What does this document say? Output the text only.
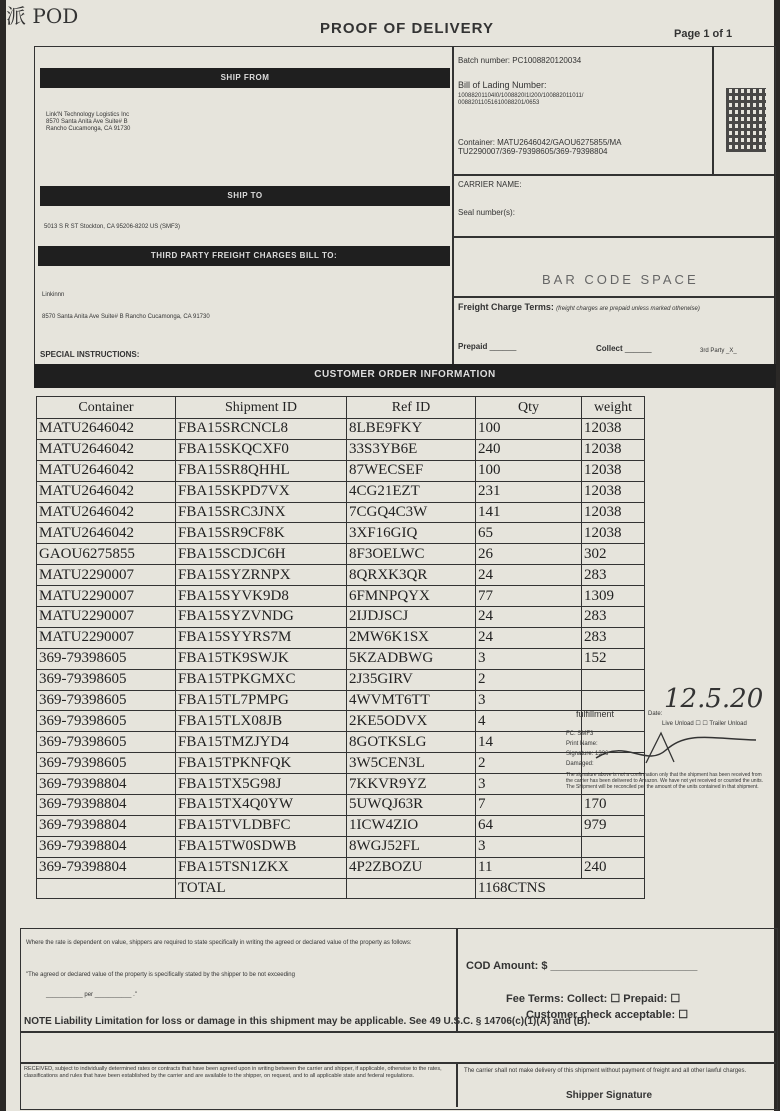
派 POD
PROOF OF DELIVERY	Page 1 of 1
SHIP FROM
Link'N Technology Logistics Inc
8570 Santa Anita Ave Suite# B
Rancho Cucamonga, CA 91730
SHIP TO
5013 S R ST Stockton, CA 95206-8202 US (SMF3)
THIRD PARTY FREIGHT CHARGES BILL TO:
Linkinnn
8570 Santa Anita Ave Suite# B Rancho Cucamonga, CA 91730
SPECIAL INSTRUCTIONS:
Batch number: PC1008820120034
Bill of Lading Number:
10088201104I0/1008820I1I200/100882011011/
00882011051610088201/0653
Container: MATU2646042/GAOU6275855/MA
TU2290007/369-79398605/369-79398804
CARRIER NAME:
Seal number(s):
BAR CODE SPACE
Freight Charge Terms: (freight charges are prepaid unless marked otherwise)
Prepaid ______	Collect ______	3rd Party _X_
CUSTOMER ORDER INFORMATION
Container	Shipment ID	Ref ID	Qty	weight
MATU2646042	FBA15SRCNCL8	8LBE9FKY	100	12038
MATU2646042	FBA15SKQCXF0	33S3YB6E	240	12038
MATU2646042	FBA15SR8QHHL	87WECSEF	100	12038
MATU2646042	FBA15SKPD7VX	4CG21EZT	231	12038
MATU2646042	FBA15SRC3JNX	7CGQ4C3W	141	12038
MATU2646042	FBA15SR9CF8K	3XF16GIQ	65	12038
GAOU6275855	FBA15SCDJC6H	8F3OELWC	26	302
MATU2290007	FBA15SYZRNPX	8QRXK3QR	24	283
MATU2290007	FBA15SYVK9D8	6FMNPQYX	77	1309
MATU2290007	FBA15SYZVNDG	2IJDJSCJ	24	283
MATU2290007	FBA15SYYRS7M	2MW6K1SX	24	283
369-79398605	FBA15TK9SWJK	5KZADBWG	3	152
369-79398605	FBA15TPKGMXC	2J35GIRV	2	
369-79398605	FBA15TL7PMPG	4WVMT6TT	3	
369-79398605	FBA15TLX08JB	2KE5ODVX	4	
369-79398605	FBA15TMZJYD4	8GOTKSLG	14	
369-79398605	FBA15TPKNFQK	3W5CEN3L	2	
369-79398804	FBA15TX5G98J	7KKVR9YZ	3	
369-79398804	FBA15TX4Q0YW	5UWQJ63R	7	170
369-79398804	FBA15TVLDBFC	1ICW4ZIO	64	979
369-79398804	FBA15TW0SDWB	8WGJ52FL	3	
369-79398804	FBA15TSN1ZKX	4P2ZBOZU	11	240
	TOTAL		1168CTNS	
12.5.20
fulfillment	Date:
Live Unload ☐ ☐ Trailer Unload
FC: SMF3
Print Name:
Signature: 1336
Damaged:
The signature above is not a confirmation only that the shipment has been received from the carrier has been delivered to Amazon. We have not yet received or counted the units. The Shipment will be reconciled per the amount of the units contained in that shipment.
Where the rate is dependent on value, shippers are required to state specifically in writing the agreed or declared value of the property as follows:
"The agreed or declared value of the property is specifically stated by the shipper to be not exceeding
___________ per ___________ ."
COD Amount: $ ________________________
Fee Terms: Collect: ☐ Prepaid: ☐
Customer check acceptable: ☐
NOTE Liability Limitation for loss or damage in this shipment may be applicable. See 49 U.S.C. § 14706(c)(1)(A) and (B).
RECEIVED, subject to individually determined rates or contracts that have been agreed upon in writing between the carrier and shipper, if applicable, otherwise to the rates, classifications and rules that have been established by the carrier and are available to the shipper, on request, and to all applicable state and federal regulations.
The carrier shall not make delivery of this shipment without payment of freight and all other lawful charges.
Shipper Signature
